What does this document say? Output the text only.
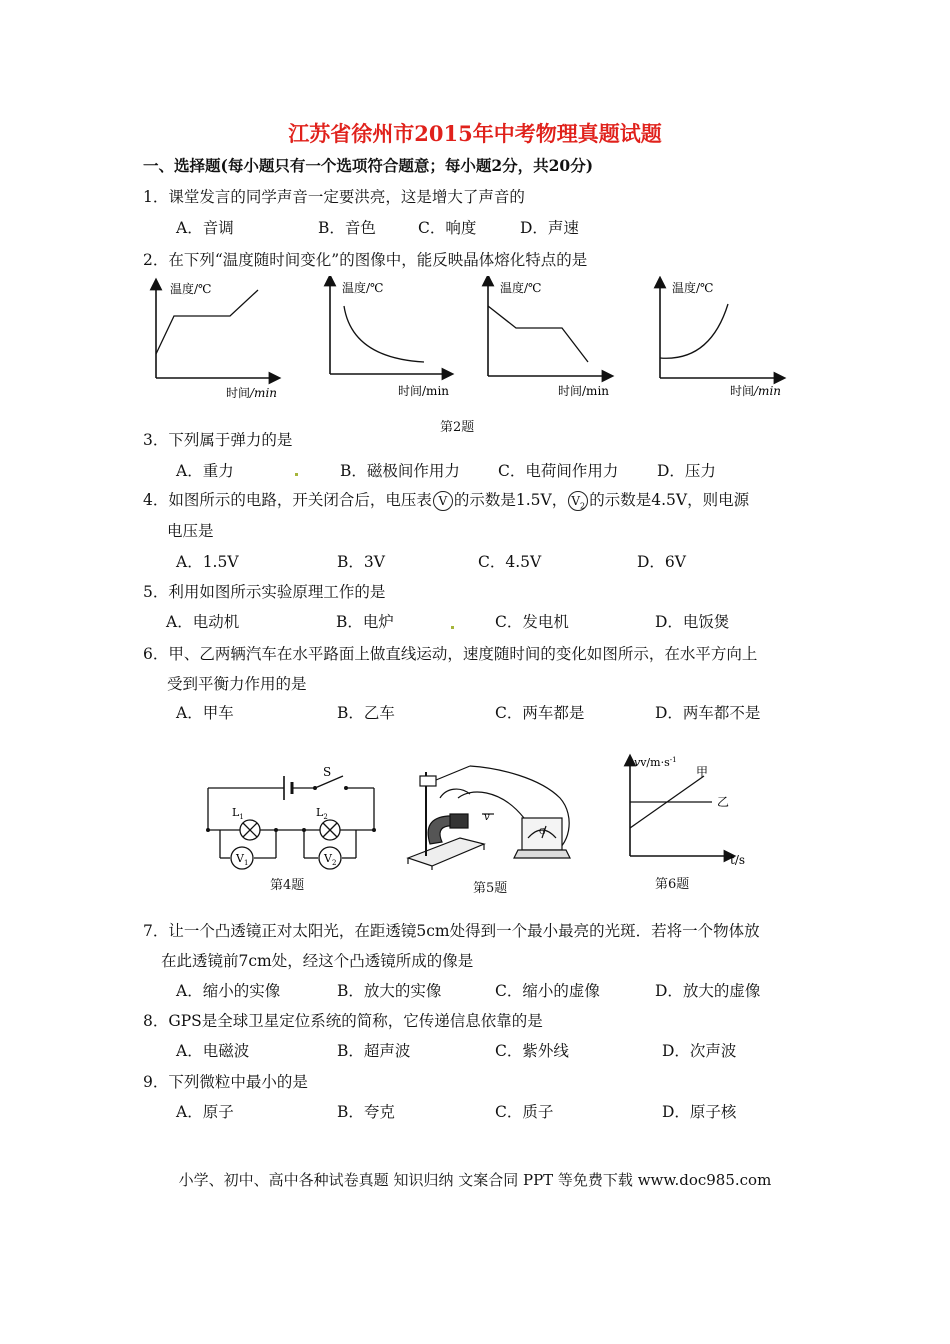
江苏省徐州市2015年中考物理真题试题
一、选择题(每小题只有一个选项符合题意；每小题2分，共20分)
1．课堂发言的同学声音一定要洪亮，这是增大了声音的
A．音调	B．音色	C．响度	D．声速
2．在下列“温度随时间变化”的图像中，能反映晶体熔化特点的是
温度/℃
时间/min
温度/℃
时间/min
温度/℃
时间/min
温度/℃
时间/min
第2题
3．下列属于弹力的是
A．重力	B．磁极间作用力 C．电荷间作用力 D．压力
4．如图所示的电路，开关闭合后，电压表 V 的示数是1.5V， $V_2$ 的示数是4.5V，则电源
电压是
A．1.5V	B．3V	C．4.5V	D．6V
5．利用如图所示实验原理工作的是
A．电动机	B．电炉	C．发电机	D．电饭煲
6．甲、乙两辆汽车在水平路面上做直线运动，速度随时间的变化如图所示，在水平方向上
受到平衡力作用的是
A．甲车	B．乙车	C．两车都是	D．两车都不是
S
$L_1$	$L_2$
$V_1$	$V_2$
第4题
v
G
第5题
$vv/m\cdot s^{-1}$
t/s
甲
乙
第6题
7．让一个凸透镜正对太阳光，在距透镜5cm处得到一个最小最亮的光斑．若将一个物体放
在此透镜前7cm处，经这个凸透镜所成的像是
A．缩小的实像	B．放大的实像	C．缩小的虚像	D．放大的虚像
8．GPS是全球卫星定位系统的简称，它传递信息依靠的是
A．电磁波	B．超声波	C．紫外线	D．次声波
9．下列微粒中最小的是
A．原子	B．夸克	C．质子	D．原子核
小学、初中、高中各种试卷真题 知识归纳 文案合同 PPT 等免费下载 www.doc985.com
